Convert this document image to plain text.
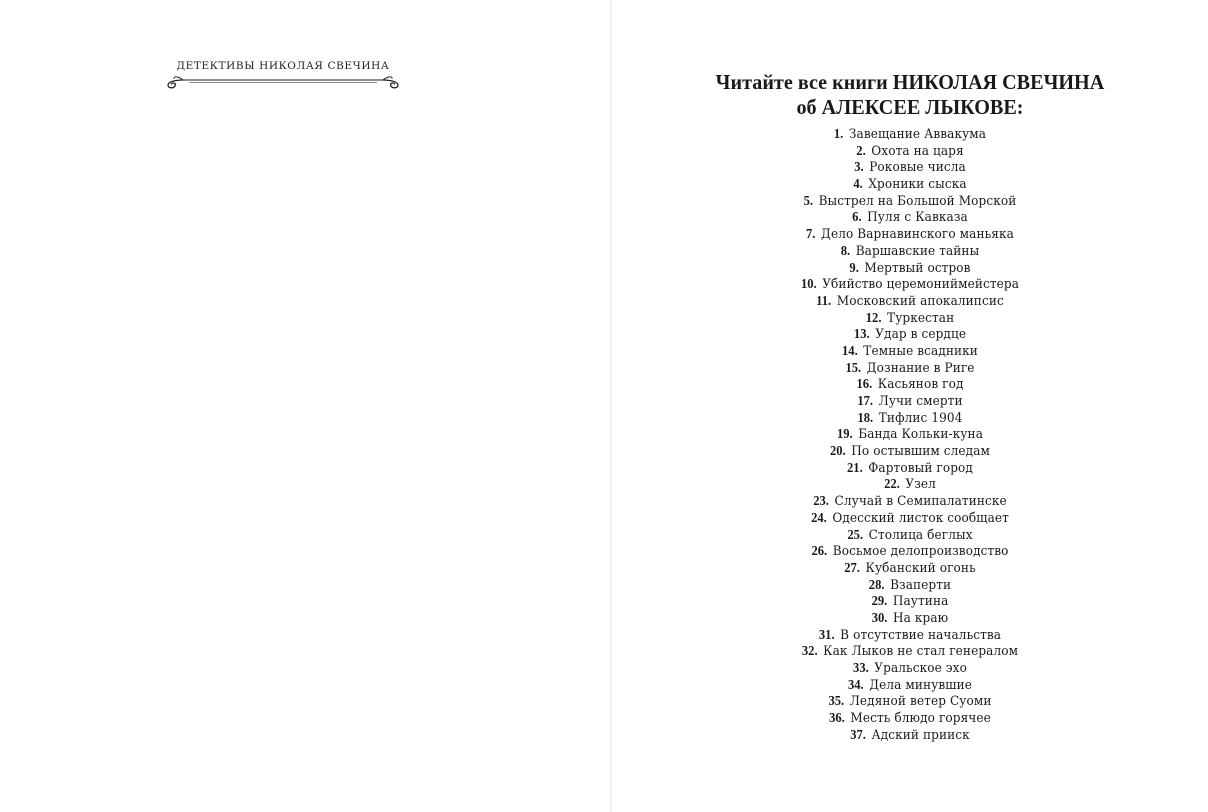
ДЕТЕКТИВЫ НИКОЛАЯ СВЕЧИНА
Читайте все книги НИКОЛАЯ СВЕЧИНА
об АЛЕКСЕЕ ЛЫКОВЕ:
1. Завещание Аввакума
2. Охота на царя
3. Роковые числа
4. Хроники сыска
5. Выстрел на Большой Морской
6. Пуля с Кавказа
7. Дело Варнавинского маньяка
8. Варшавские тайны
9. Мертвый остров
10. Убийство церемониймейстера
11. Московский апокалипсис
12. Туркестан
13. Удар в сердце
14. Темные всадники
15. Дознание в Риге
16. Касьянов год
17. Лучи смерти
18. Тифлис 1904
19. Банда Кольки-куна
20. По остывшим следам
21. Фартовый город
22. Узел
23. Случай в Семипалатинске
24. Одесский листок сообщает
25. Столица беглых
26. Восьмое делопроизводство
27. Кубанский огонь
28. Взаперти
29. Паутина
30. На краю
31. В отсутствие начальства
32. Как Лыков не стал генералом
33. Уральское эхо
34. Дела минувшие
35. Ледяной ветер Суоми
36. Месть блюдо горячее
37. Адский прииск
